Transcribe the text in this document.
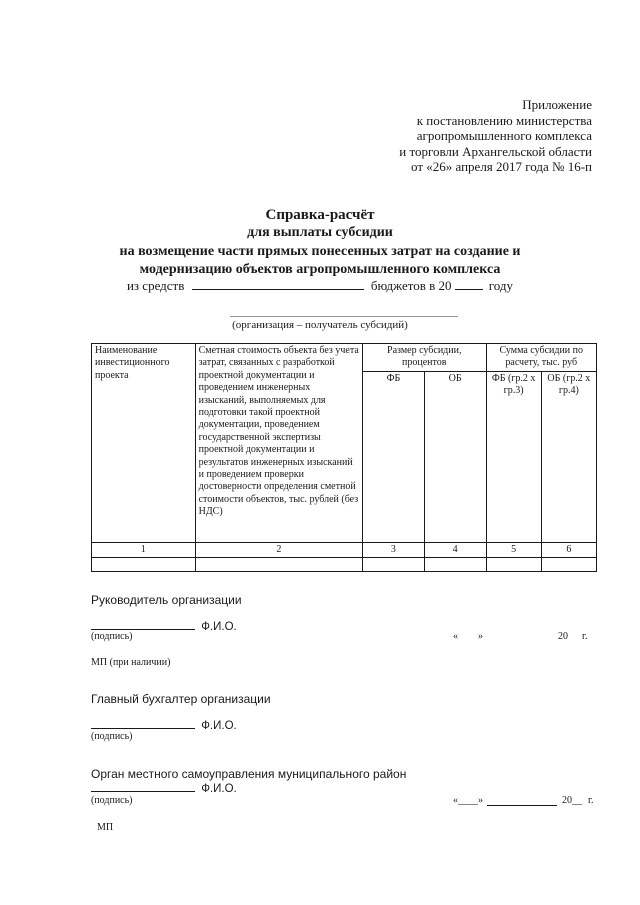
Приложение
к постановлению министерства
агропромышленного комплекса
и торговли Архангельской области
от «26» апреля 2017 года № 16-п
Справка-расчёт
для выплаты субсидии
на возмещение части прямых понесенных затрат на создание и
модернизацию объектов агропромышленного комплекса
из средств	бюджетов в 20	году
(организация – получатель субсидий)
Наименование инвестиционного проекта	Сметная стоимость объекта без учета затрат, связанных с разработкой проектной документации и проведением инженерных изысканий, выполняемых для подготовки такой проектной документации, проведением государственной экспертизы проектной документации и результатов инженерных изысканий и проведением проверки достоверности определения сметной стоимости объектов, тыс. рублей (без НДС)	Размер субсидии, процентов		Сумма субсидии по расчету, тыс. руб	
		ФБ	ОБ	ФБ (гр.2 х гр.3)	ОБ (гр.2 х гр.4)
1	2	3	4	5	6

Руководитель организации
Ф.И.О.
(подпись)	« »	20 г.
МП (при наличии)
Главный бухгалтер организации
Ф.И.О.
(подпись)
Орган местного самоуправления муниципального район
Ф.И.О.
(подпись)	«____»	20__ г.
МП
